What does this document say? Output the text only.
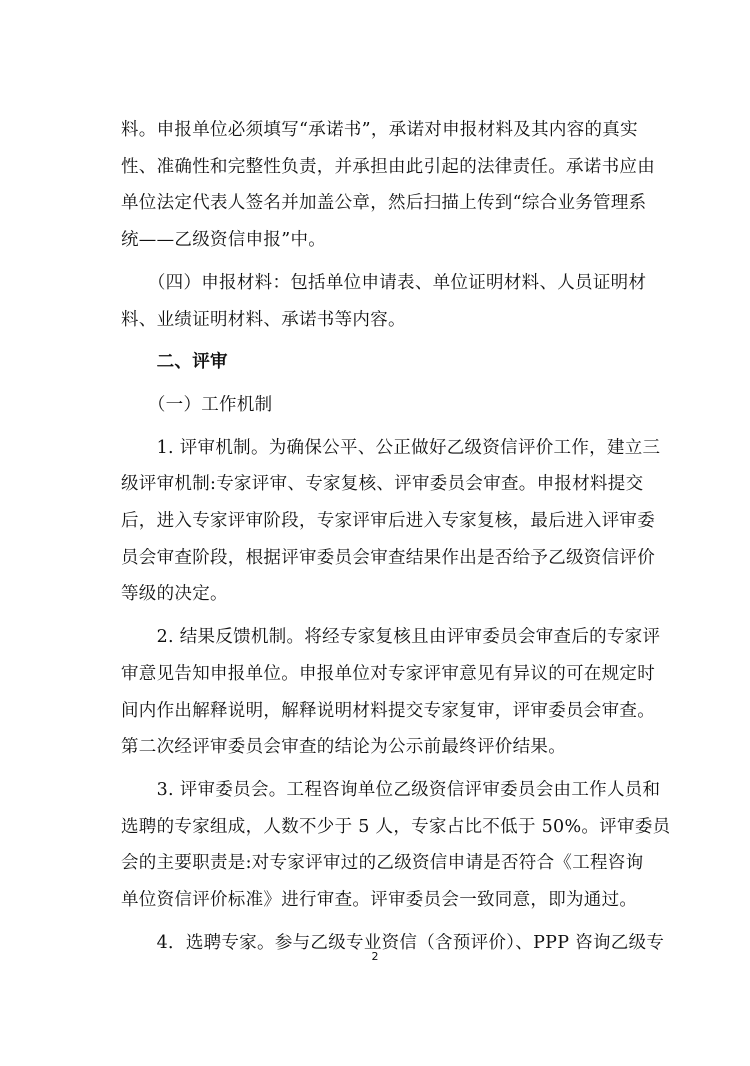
料。申报单位必须填写“承诺书”，承诺对申报材料及其内容的真实
性、准确性和完整性负责，并承担由此引起的法律责任。承诺书应由
单位法定代表人签名并加盖公章，然后扫描上传到“综合业务管理系
统——乙级资信申报”中。

　　（四）申报材料：包括单位申请表、单位证明材料、人员证明材
料、业绩证明材料、承诺书等内容。

　　二、评审

　　（一）工作机制

　　1. 评审机制。为确保公平、公正做好乙级资信评价工作，建立三
级评审机制:专家评审、专家复核、评审委员会审查。申报材料提交
后，进入专家评审阶段，专家评审后进入专家复核，最后进入评审委
员会审查阶段，根据评审委员会审查结果作出是否给予乙级资信评价
等级的决定。

　　2. 结果反馈机制。将经专家复核且由评审委员会审查后的专家评
审意见告知申报单位。申报单位对专家评审意见有异议的可在规定时
间内作出解释说明，解释说明材料提交专家复审，评审委员会审查。
第二次经评审委员会审查的结论为公示前最终评价结果。

　　3. 评审委员会。工程咨询单位乙级资信评审委员会由工作人员和
选聘的专家组成，人数不少于 5 人，专家占比不低于 50%。评审委员
会的主要职责是:对专家评审过的乙级资信申请是否符合《工程咨询
单位资信评价标准》进行审查。评审委员会一致同意，即为通过。

　　4．选聘专家。参与乙级专业资信（含预评价）、PPP 咨询乙级专

2
